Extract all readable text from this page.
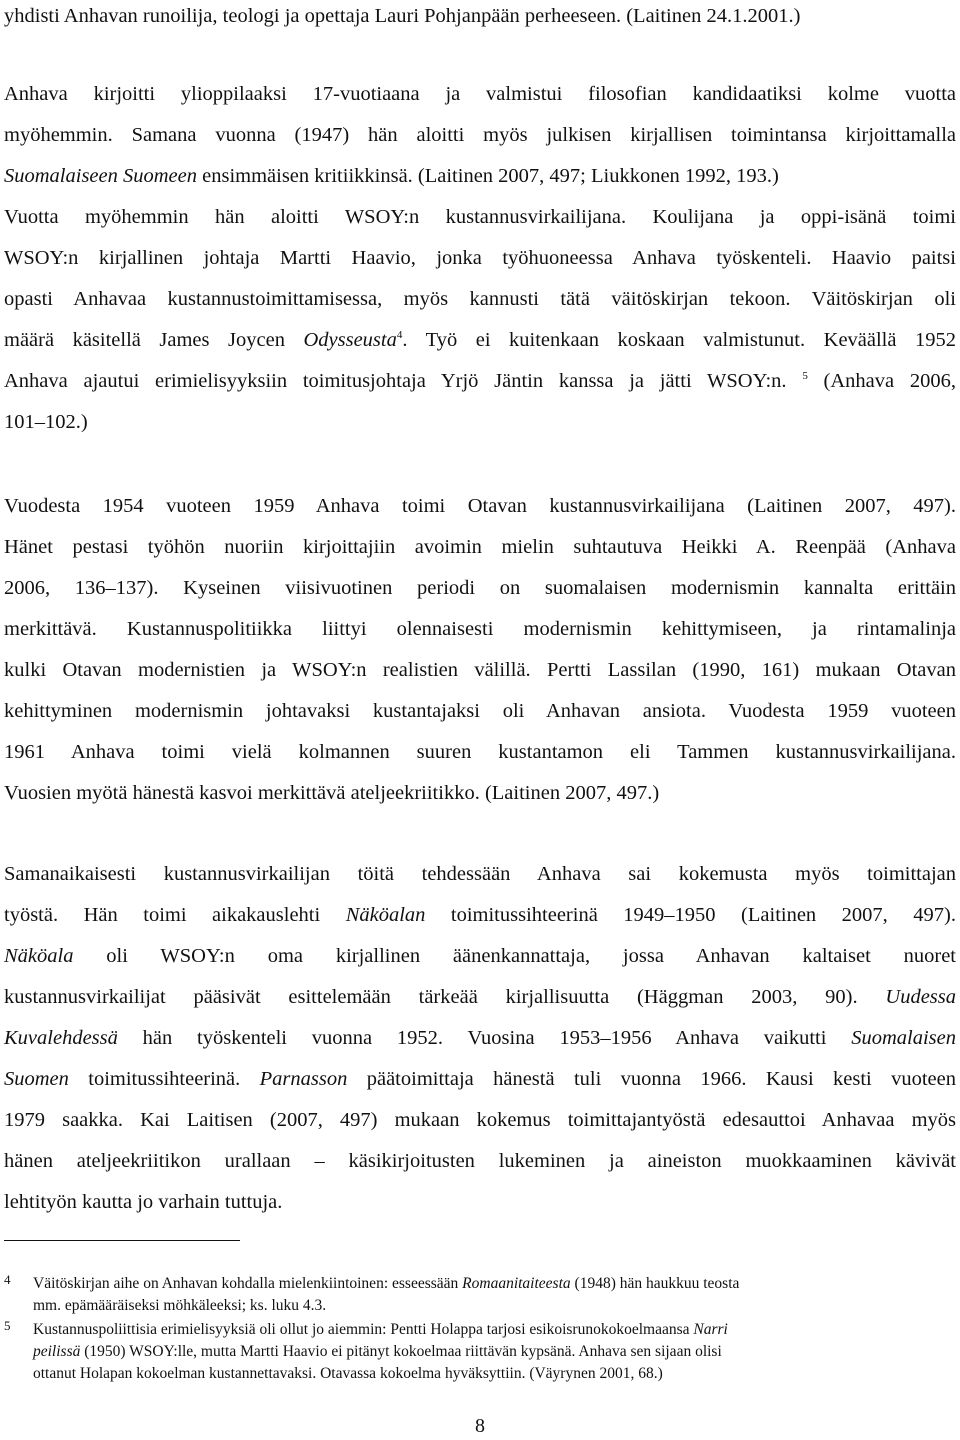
yhdisti Anhavan runoilija, teologi ja opettaja Lauri Pohjanpään perheeseen. (Laitinen 24.1.2001.)
Anhava kirjoitti ylioppilaaksi 17-vuotiaana ja valmistui filosofian kandidaatiksi kolme vuotta
myöhemmin. Samana vuonna (1947) hän aloitti myös julkisen kirjallisen toimintansa kirjoittamalla
Suomalaiseen Suomeen ensimmäisen kritiikkinsä. (Laitinen 2007, 497; Liukkonen 1992, 193.)
Vuotta myöhemmin hän aloitti WSOY:n kustannusvirkailijana. Koulijana ja oppi-isänä toimi
WSOY:n kirjallinen johtaja Martti Haavio, jonka työhuoneessa Anhava työskenteli. Haavio paitsi
opasti Anhavaa kustannustoimittamisessa, myös kannusti tätä väitöskirjan tekoon. Väitöskirjan oli
määrä käsitellä James Joycen Odysseusta$^4$. Työ ei kuitenkaan koskaan valmistunut. Keväällä 1952
Anhava ajautui erimielisyyksiin toimitusjohtaja Yrjö Jäntin kanssa ja jätti WSOY:n. $^5$ (Anhava 2006,
101–102.)
Vuodesta 1954 vuoteen 1959 Anhava toimi Otavan kustannusvirkailijana (Laitinen 2007, 497).
Hänet pestasi työhön nuoriin kirjoittajiin avoimin mielin suhtautuva Heikki A. Reenpää (Anhava
2006, 136–137). Kyseinen viisivuotinen periodi on suomalaisen modernismin kannalta erittäin
merkittävä. Kustannuspolitiikka liittyi olennaisesti modernismin kehittymiseen, ja rintamalinja
kulki Otavan modernistien ja WSOY:n realistien välillä. Pertti Lassilan (1990, 161) mukaan Otavan
kehittyminen modernismin johtavaksi kustantajaksi oli Anhavan ansiota. Vuodesta 1959 vuoteen
1961 Anhava toimi vielä kolmannen suuren kustantamon eli Tammen kustannusvirkailijana.
Vuosien myötä hänestä kasvoi merkittävä ateljeekriitikko. (Laitinen 2007, 497.)
Samanaikaisesti kustannusvirkailijan töitä tehdessään Anhava sai kokemusta myös toimittajan
työstä. Hän toimi aikakauslehti Näköalan toimitussihteerinä 1949–1950 (Laitinen 2007, 497).
Näköala oli WSOY:n oma kirjallinen äänenkannattaja, jossa Anhavan kaltaiset nuoret
kustannusvirkailijat pääsivät esittelemään tärkeää kirjallisuutta (Häggman 2003, 90). Uudessa
Kuvalehdessä hän työskenteli vuonna 1952. Vuosina 1953–1956 Anhava vaikutti Suomalaisen
Suomen toimitussihteerinä. Parnasson päätoimittaja hänestä tuli vuonna 1966. Kausi kesti vuoteen
1979 saakka. Kai Laitisen (2007, 497) mukaan kokemus toimittajantyöstä edesauttoi Anhavaa myös
hänen ateljeekriitikon urallaan – käsikirjoitusten lukeminen ja aineiston muokkaaminen kävivät
lehtityön kautta jo varhain tuttuja.
4 Väitöskirjan aihe on Anhavan kohdalla mielenkiintoinen: esseessään Romaanitaiteesta (1948) hän haukkuu teosta
mm. epämääräiseksi möhkäleeksi; ks. luku 4.3.
5 Kustannuspoliittisia erimielisyyksiä oli ollut jo aiemmin: Pentti Holappa tarjosi esikoisrunokokoelmaansa Narri
peilissä (1950) WSOY:lle, mutta Martti Haavio ei pitänyt kokoelmaa riittävän kypsänä. Anhava sen sijaan olisi
ottanut Holapan kokoelman kustannettavaksi. Otavassa kokoelma hyväksyttiin. (Väyrynen 2001, 68.)
8
